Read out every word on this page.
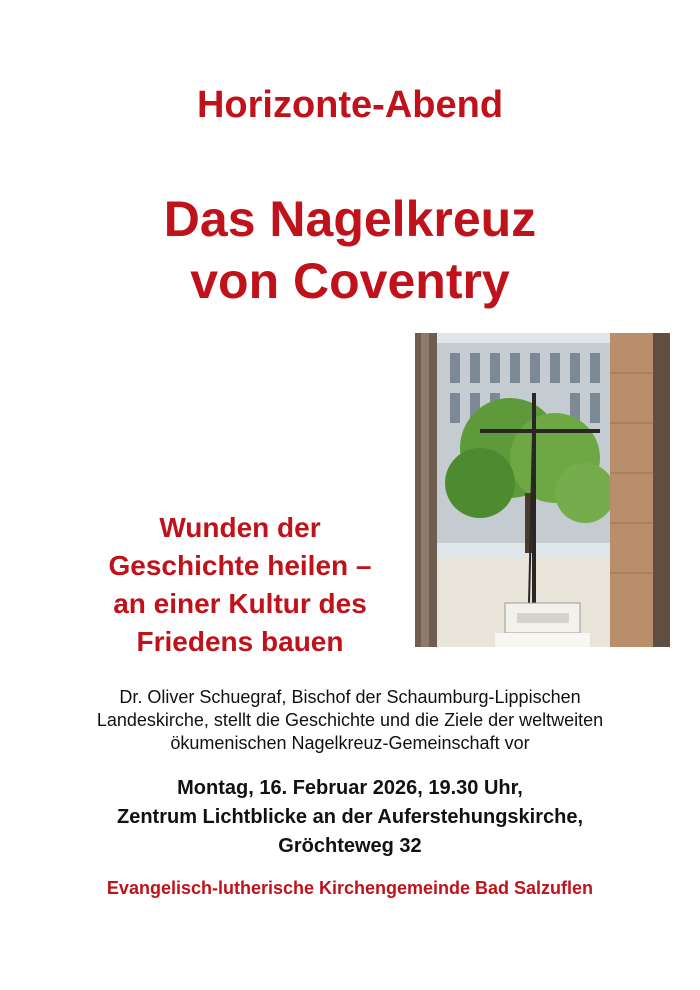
Horizonte-Abend
Das Nagelkreuz
von Coventry
Wunden der
Geschichte heilen –
an einer Kultur des
Friedens bauen
Dr. Oliver Schuegraf, Bischof der Schaumburg-Lippischen
Landeskirche, stellt die Geschichte und die Ziele der weltweiten
ökumenischen Nagelkreuz-Gemeinschaft vor
Montag, 16. Februar 2026, 19.30 Uhr,
Zentrum Lichtblicke an der Auferstehungskirche,
Gröchteweg 32
Evangelisch-lutherische Kirchengemeinde Bad Salzuflen
